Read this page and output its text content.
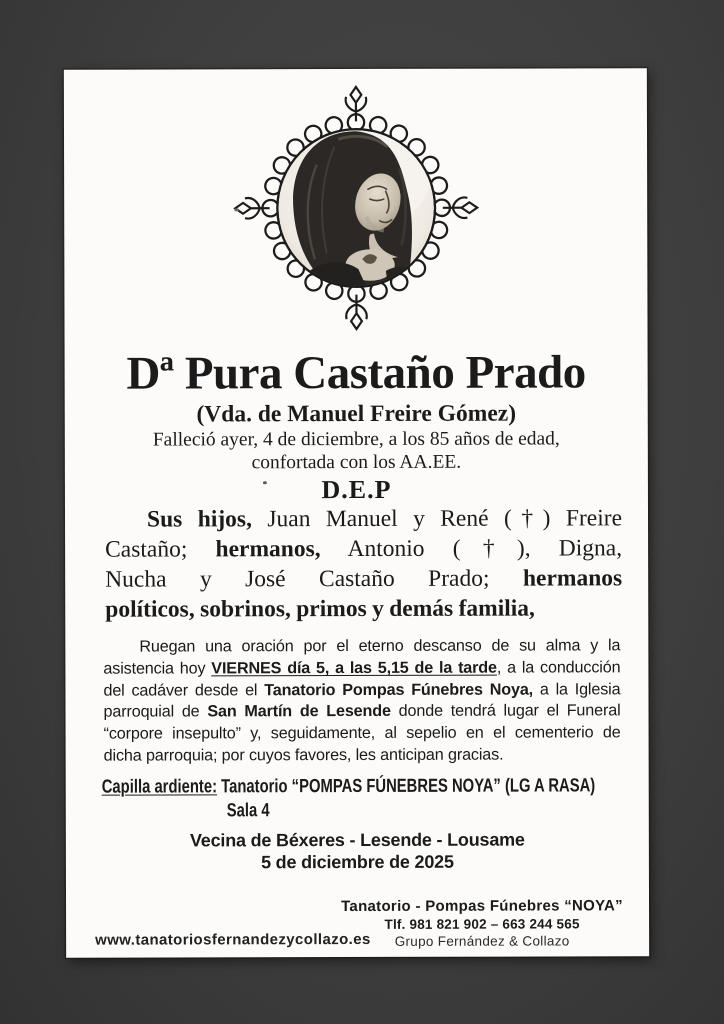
Dª Pura Castaño Prado
(Vda. de Manuel Freire Gómez)
Falleció ayer, 4 de diciembre, a los 85 años de edad,
confortada con los AA.EE.
D.E.P
Sus hijos, Juan Manuel y René (†) Freire
Castaño; hermanos, Antonio (†), Digna,
Nucha y José Castaño Prado; hermanos
políticos, sobrinos, primos y demás familia,
Ruegan una oración por el eterno descanso de su alma y la
asistencia hoy VIERNES día 5, a las 5,15 de la tarde, a la conducción
del cadáver desde el Tanatorio Pompas Fúnebres Noya, a la Iglesia
parroquial de San Martín de Lesende donde tendrá lugar el Funeral
“corpore insepulto” y, seguidamente, al sepelio en el cementerio de
dicha parroquia; por cuyos favores, les anticipan gracias.
Capilla ardiente: Tanatorio “POMPAS FÚNEBRES NOYA” (LG A RASA)
Sala 4
Vecina de Béxeres - Lesende - Lousame
5 de diciembre de 2025
Tanatorio - Pompas Fúnebres “NOYA”
Tlf. 981 821 902 – 663 244 565
Grupo Fernández & Collazo
www.tanatoriosfernandezycollazo.es
